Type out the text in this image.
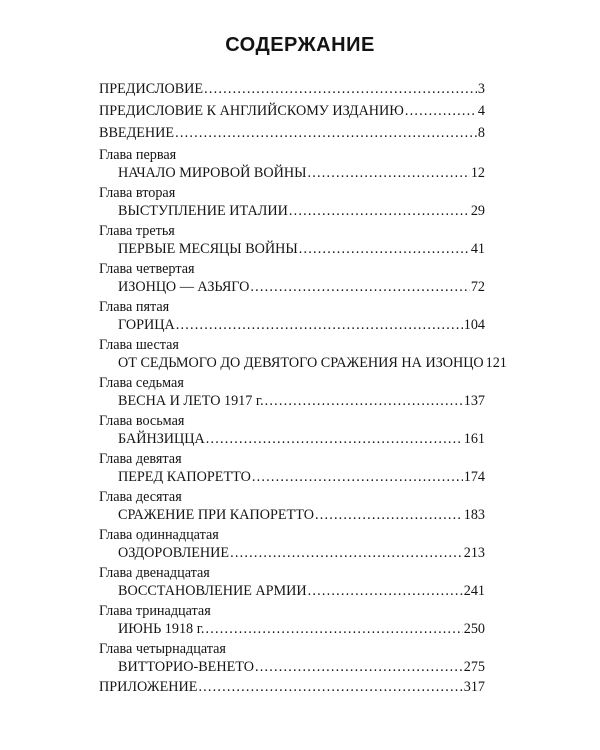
СОДЕРЖАНИЕ
ПРЕДИСЛОВИЕ .....	3
ПРЕДИСЛОВИЕ К АНГЛИЙСКОМУ ИЗДАНИЮ .....	4
ВВЕДЕНИЕ .....	8
Глава первая
НАЧАЛО МИРОВОЙ ВОЙНЫ .....	12
Глава вторая
ВЫСТУПЛЕНИЕ ИТАЛИИ .....	29
Глава третья
ПЕРВЫЕ МЕСЯЦЫ ВОЙНЫ .....	41
Глава четвертая
ИЗОНЦО — АЗЬЯГО .....	72
Глава пятая
ГОРИЦА .....	104
Глава шестая
ОТ СЕДЬМОГО ДО ДЕВЯТОГО СРАЖЕНИЯ НА ИЗОНЦО 121
Глава седьмая
ВЕСНА И ЛЕТО 1917 г. .....	137
Глава восьмая
БАЙНЗИЦЦА .....	161
Глава девятая
ПЕРЕД КАПОРЕТТО .....	174
Глава десятая
СРАЖЕНИЕ ПРИ КАПОРЕТТО .....	183
Глава одиннадцатая
ОЗДОРОВЛЕНИЕ .....	213
Глава двенадцатая
ВОССТАНОВЛЕНИЕ АРМИИ .....	241
Глава тринадцатая
ИЮНЬ 1918 г. .....	250
Глава четырнадцатая
ВИТТОРИО-ВЕНЕТО .....	275
ПРИЛОЖЕНИЕ .....	317
